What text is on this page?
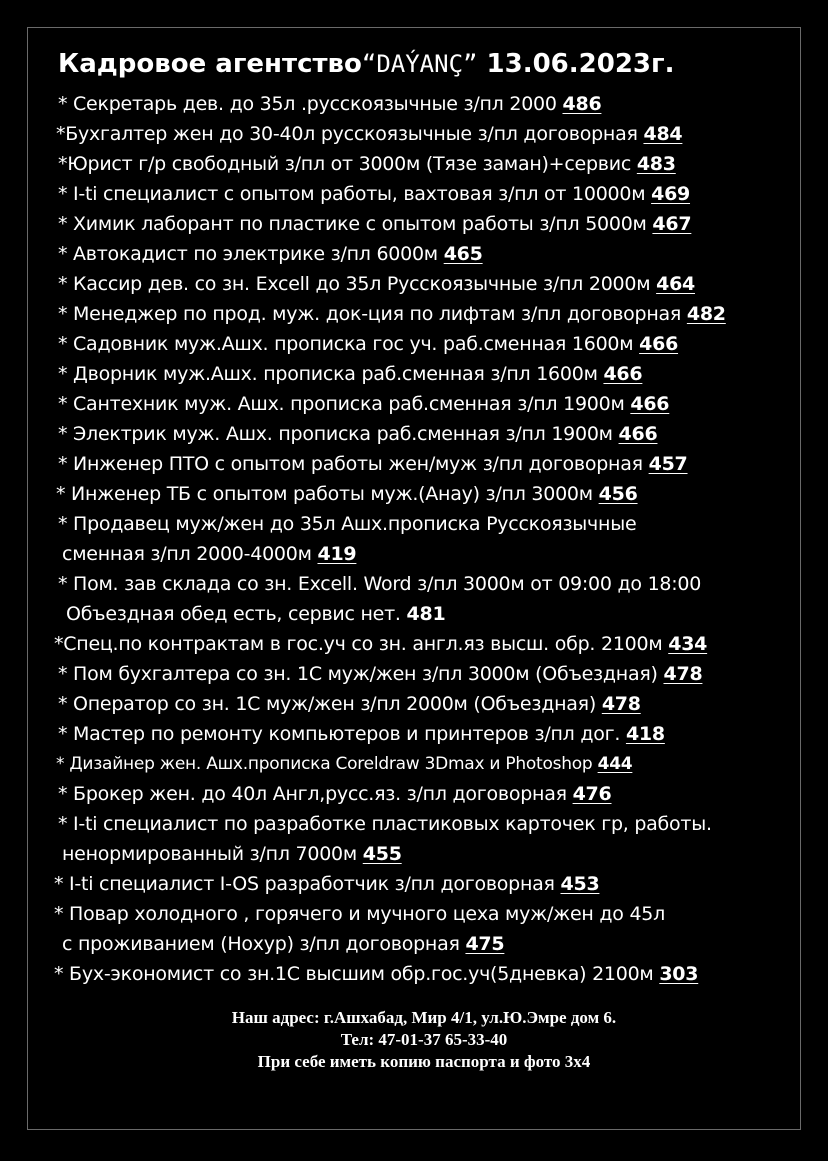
Кадровое агентство“DAÝANÇ” 13.06.2023г.
* Секретарь дев. до 35л .русскоязычные з/пл 2000 486
*Бухгалтер жен до 30-40л русскоязычные з/пл договорная 484
*Юрист г/р свободный з/пл от 3000м (Тязе заман)+сервис 483
* I-ti специалист с опытом работы, вахтовая з/пл от 10000м 469
* Химик лаборант по пластике с опытом работы з/пл 5000м 467
* Автокадист по электрике з/пл 6000м 465
* Кассир дев. со зн. Excell до 35л Русскоязычные з/пл 2000м 464
* Менеджер по прод. муж. док-ция по лифтам з/пл договорная 482
* Садовник муж.Ашх. прописка гос уч. раб.сменная 1600м 466
* Дворник муж.Ашх. прописка раб.сменная з/пл 1600м 466
* Сантехник муж. Ашх. прописка раб.сменная з/пл 1900м 466
* Электрик муж. Ашх. прописка раб.сменная з/пл 1900м 466
* Инженер ПТО с опытом работы жен/муж з/пл договорная 457
* Инженер ТБ с опытом работы муж.(Анау) з/пл 3000м 456
* Продавец муж/жен до 35л Ашх.прописка Русскоязычные
сменная з/пл 2000-4000м 419
* Пом. зав склада со зн. Excell. Word з/пл 3000м от 09:00 до 18:00
Объездная обед есть, сервис нет. 481
*Спец.по контрактам в гос.уч со зн. англ.яз высш. обр. 2100м 434
* Пом бухгалтера со зн. 1С муж/жен з/пл 3000м (Объездная) 478
* Оператор со зн. 1С муж/жен з/пл 2000м (Объездная) 478
* Мастер по ремонту компьютеров и принтеров з/пл дог. 418
* Дизайнер жен. Ашх.прописка Coreldraw 3Dmax и Photoshop 444
* Брокер жен. до 40л Англ,русс.яз. з/пл договорная 476
* I-ti специалист по разработке пластиковых карточек гр, работы.
ненормированный з/пл 7000м 455
* I-ti специалист I-OS разработчик з/пл договорная 453
* Повар холодного , горячего и мучного цеха муж/жен до 45л
с проживанием (Нохур) з/пл договорная 475
* Бух-экономист со зн.1С высшим обр.гос.уч(5дневка) 2100м 303
Наш адрес: г.Ашхабад, Мир 4/1, ул.Ю.Эмре дом 6.
Тел: 47-01-37 65-33-40
При себе иметь копию паспорта и фото 3х4
